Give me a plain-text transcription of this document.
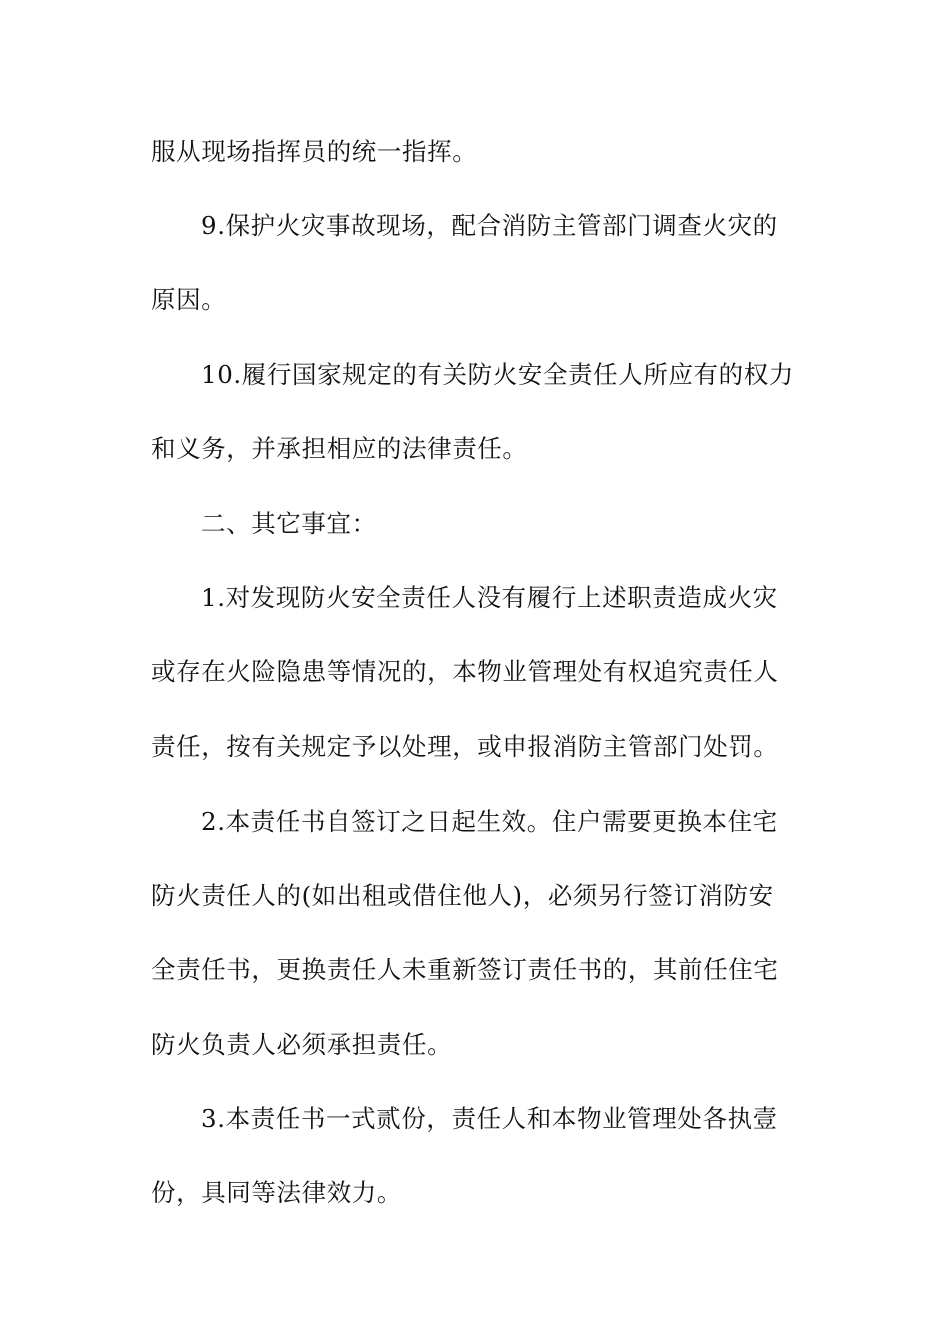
服从现场指挥员的统一指挥。
9.保护火灾事故现场，配合消防主管部门调查火灾的
原因。
10.履行国家规定的有关防火安全责任人所应有的权力
和义务，并承担相应的法律责任。
二、其它事宜：
1.对发现防火安全责任人没有履行上述职责造成火灾
或存在火险隐患等情况的，本物业管理处有权追究责任人
责任，按有关规定予以处理，或申报消防主管部门处罚。
2.本责任书自签订之日起生效。住户需要更换本住宅
防火责任人的(如出租或借住他人)，必须另行签订消防安
全责任书，更换责任人未重新签订责任书的，其前任住宅
防火负责人必须承担责任。
3.本责任书一式贰份，责任人和本物业管理处各执壹
份，具同等法律效力。
